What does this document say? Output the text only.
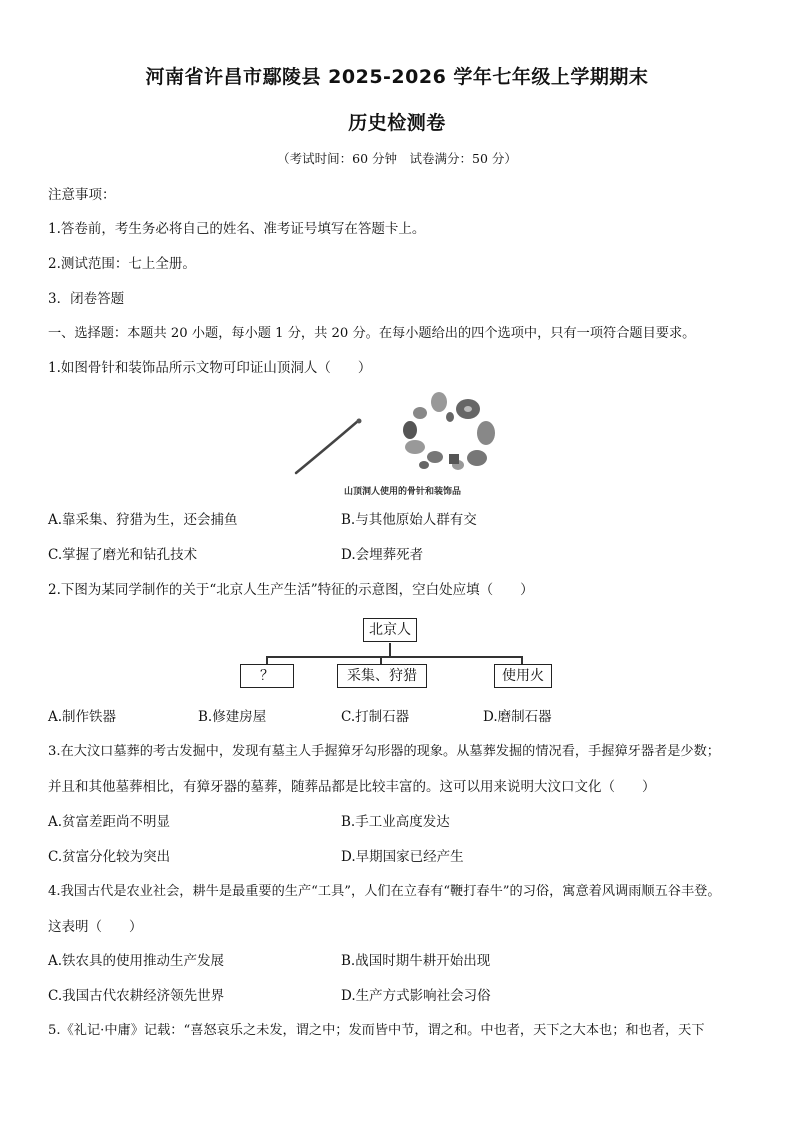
河南省许昌市鄢陵县 2025-2026 学年七年级上学期期末
历史检测卷
（考试时间：60 分钟　试卷满分：50 分）
注意事项：
1.答卷前，考生务必将自己的姓名、准考证号填写在答题卡上。
2.测试范围：七上全册。
3．闭卷答题
一、选择题：本题共 20 小题，每小题 1 分，共 20 分。在每小题给出的四个选项中，只有一项符合题目要求。
1.如图骨针和装饰品所示文物可印证山顶洞人（　　）
山顶洞人使用的骨针和装饰品
A.靠采集、狩猎为生，还会捕鱼	B.与其他原始人群有交
C.掌握了磨光和钻孔技术	D.会埋葬死者
2.下图为某同学制作的关于“北京人生产生活”特征的示意图，空白处应填（　　）
北京人
？	采集、狩猎	使用火
A.制作铁器	B.修建房屋	C.打制石器	D.磨制石器
3.在大汶口墓葬的考古发掘中，发现有墓主人手握獐牙勾形器的现象。从墓葬发掘的情况看，手握獐牙器者是少数；
并且和其他墓葬相比，有獐牙器的墓葬，随葬品都是比较丰富的。这可以用来说明大汶口文化（　　）
A.贫富差距尚不明显	B.手工业高度发达
C.贫富分化较为突出	D.早期国家已经产生
4.我国古代是农业社会，耕牛是最重要的生产“工具”，人们在立春有“鞭打春牛”的习俗，寓意着风调雨顺五谷丰登。
这表明（　　）
A.铁农具的使用推动生产发展	B.战国时期牛耕开始出现
C.我国古代农耕经济领先世界	D.生产方式影响社会习俗
5.《礼记·中庸》记载：“喜怒哀乐之未发，谓之中；发而皆中节，谓之和。中也者，天下之大本也；和也者，天下
